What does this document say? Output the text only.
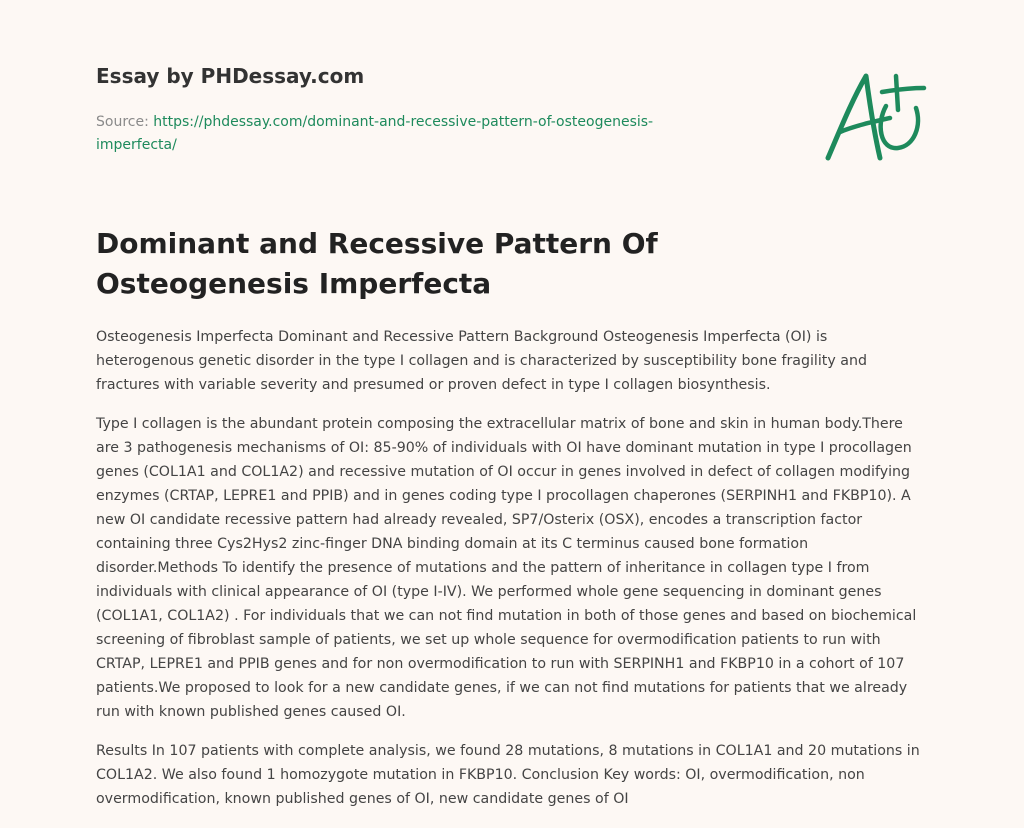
Essay by PHDessay.com
Source: https://phdessay.com/dominant-and-recessive-pattern-of-osteogenesis-imperfecta/
Dominant and Recessive Pattern Of Osteogenesis Imperfecta

Osteogenesis Imperfecta Dominant and Recessive Pattern Background Osteogenesis Imperfecta (OI) is heterogenous genetic disorder in the type I collagen and is characterized by susceptibility bone fragility and fractures with variable severity and presumed or proven defect in type I collagen biosynthesis.

Type I collagen is the abundant protein composing the extracellular matrix of bone and skin in human body.There are 3 pathogenesis mechanisms of OI: 85-90% of individuals with OI have dominant mutation in type I procollagen genes (COL1A1 and COL1A2) and recessive mutation of OI occur in genes involved in defect of collagen modifying enzymes (CRTAP, LEPRE1 and PPIB) and in genes coding type I procollagen chaperones (SERPINH1 and FKBP10). A new OI candidate recessive pattern had already revealed, SP7/Osterix (OSX), encodes a transcription factor containing three Cys2Hys2 zinc-finger DNA binding domain at its C terminus caused bone formation disorder.Methods To identify the presence of mutations and the pattern of inheritance in collagen type I from individuals with clinical appearance of OI (type I-IV). We performed whole gene sequencing in dominant genes (COL1A1, COL1A2) . For individuals that we can not find mutation in both of those genes and based on biochemical screening of fibroblast sample of patients, we set up whole sequence for overmodification patients to run with CRTAP, LEPRE1 and PPIB genes and for non overmodification to run with SERPINH1 and FKBP10 in a cohort of 107 patients.We proposed to look for a new candidate genes, if we can not find mutations for patients that we already run with known published genes caused OI.

Results In 107 patients with complete analysis, we found 28 mutations, 8 mutations in COL1A1 and 20 mutations in COL1A2. We also found 1 homozygote mutation in FKBP10. Conclusion Key words: OI, overmodification, non overmodification, known published genes of OI, new candidate genes of OI
